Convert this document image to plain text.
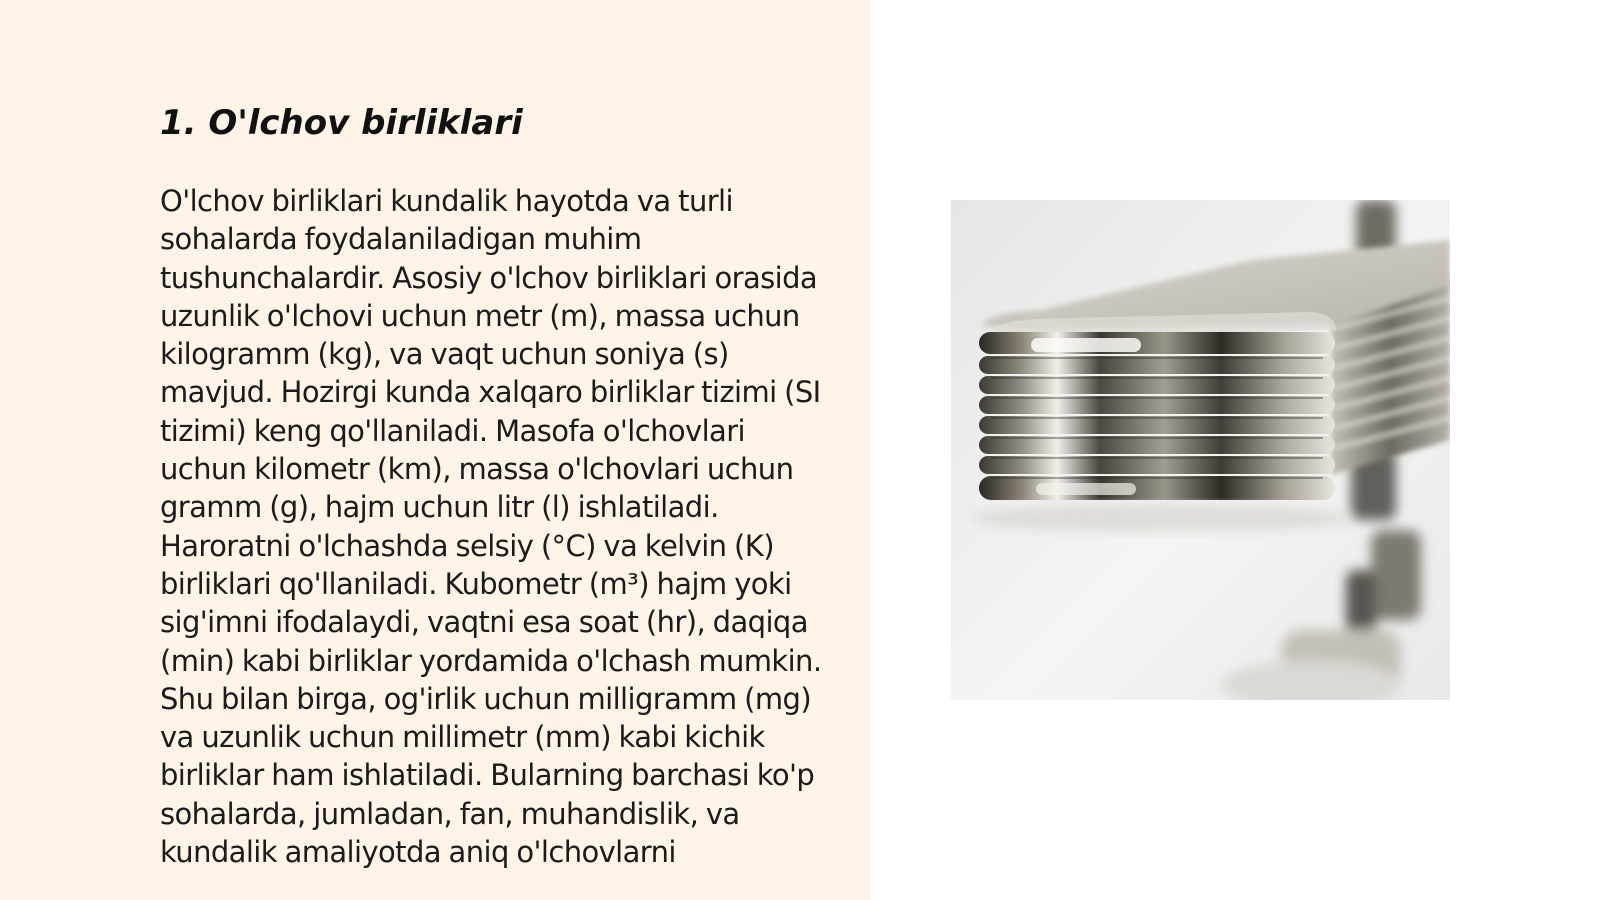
1. O'lchov birliklari

O'lchov birliklari kundalik hayotda va turli sohalarda foydalaniladigan muhim tushunchalardir. Asosiy o'lchov birliklari orasida uzunlik o'lchovi uchun metr (m), massa uchun kilogramm (kg), va vaqt uchun soniya (s) mavjud. Hozirgi kunda xalqaro birliklar tizimi (SI tizimi) keng qo'llaniladi. Masofa o'lchovlari uchun kilometr (km), massa o'lchovlari uchun gramm (g), hajm uchun litr (l) ishlatiladi. Haroratni o'lchashda selsiy (°C) va kelvin (K) birliklari qo'llaniladi. Kubometr (m³) hajm yoki sig'imni ifodalaydi, vaqtni esa soat (hr), daqiqa (min) kabi birliklar yordamida o'lchash mumkin. Shu bilan birga, og'irlik uchun milligramm (mg) va uzunlik uchun millimetr (mm) kabi kichik birliklar ham ishlatiladi. Bularning barchasi ko'p sohalarda, jumladan, fan, muhandislik, va kundalik amaliyotda aniq o'lchovlarni
